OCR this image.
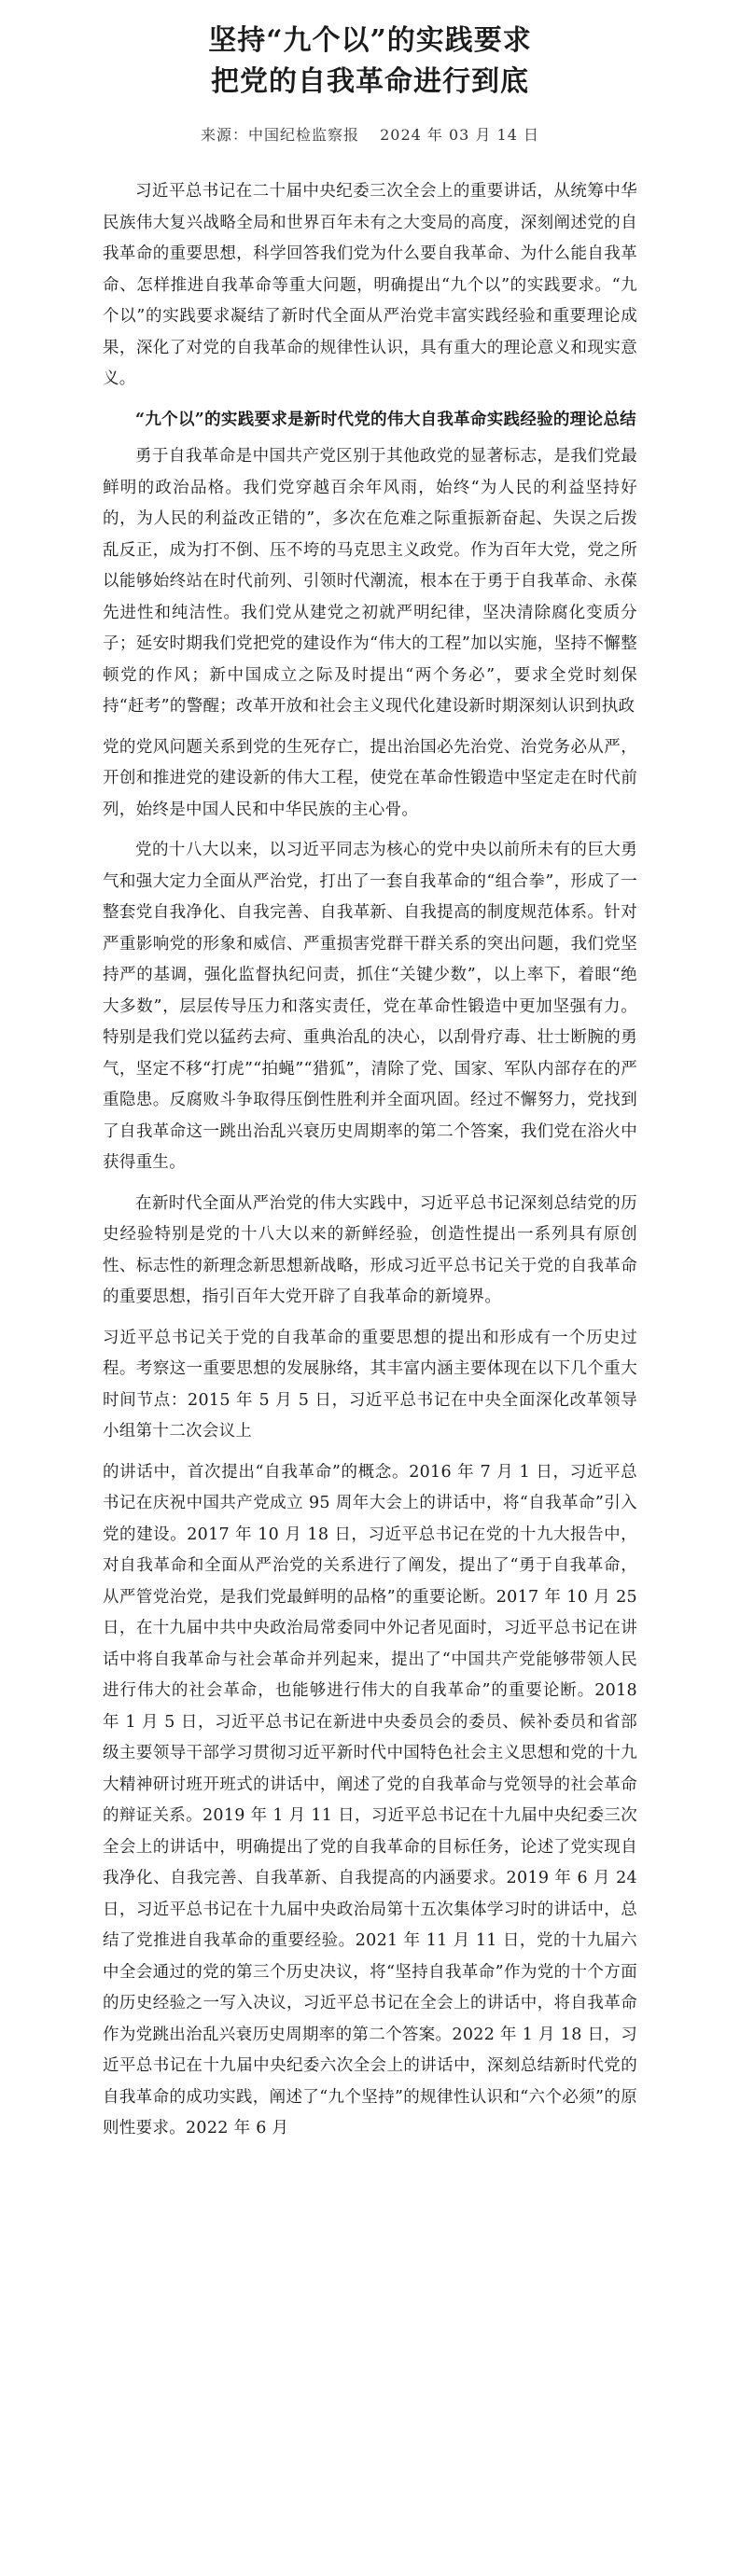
坚持“九个以”的实践要求
把党的自我革命进行到底
来源：中国纪检监察报 2024 年 03 月 14 日

习近平总书记在二十届中央纪委三次全会上的重要讲话，从统筹中华民族伟大复兴战略全局和世界百年未有之大变局的高度，深刻阐述党的自我革命的重要思想，科学回答我们党为什么要自我革命、为什么能自我革命、怎样推进自我革命等重大问题，明确提出“九个以”的实践要求。“九个以”的实践要求凝结了新时代全面从严治党丰富实践经验和重要理论成果，深化了对党的自我革命的规律性认识，具有重大的理论意义和现实意义。

“九个以”的实践要求是新时代党的伟大自我革命实践经验的理论总结

勇于自我革命是中国共产党区别于其他政党的显著标志，是我们党最鲜明的政治品格。我们党穿越百余年风雨，始终“为人民的利益坚持好的，为人民的利益改正错的”，多次在危难之际重振新奋起、失误之后拨乱反正，成为打不倒、压不垮的马克思主义政党。作为百年大党，党之所以能够始终站在时代前列、引领时代潮流，根本在于勇于自我革命、永葆先进性和纯洁性。我们党从建党之初就严明纪律，坚决清除腐化变质分子；延安时期我们党把党的建设作为“伟大的工程”加以实施，坚持不懈整顿党的作风；新中国成立之际及时提出“两个务必”，要求全党时刻保持“赶考”的警醒；改革开放和社会主义现代化建设新时期深刻认识到执政

党的党风问题关系到党的生死存亡，提出治国必先治党、治党务必从严，开创和推进党的建设新的伟大工程，使党在革命性锻造中坚定走在时代前列，始终是中国人民和中华民族的主心骨。

党的十八大以来，以习近平同志为核心的党中央以前所未有的巨大勇气和强大定力全面从严治党，打出了一套自我革命的“组合拳”，形成了一整套党自我净化、自我完善、自我革新、自我提高的制度规范体系。针对严重影响党的形象和威信、严重损害党群干群关系的突出问题，我们党坚持严的基调，强化监督执纪问责，抓住“关键少数”，以上率下，着眼“绝大多数”，层层传导压力和落实责任，党在革命性锻造中更加坚强有力。特别是我们党以猛药去疴、重典治乱的决心，以刮骨疗毒、壮士断腕的勇气，坚定不移“打虎”“拍蝇”“猎狐”，清除了党、国家、军队内部存在的严重隐患。反腐败斗争取得压倒性胜利并全面巩固。经过不懈努力，党找到了自我革命这一跳出治乱兴衰历史周期率的第二个答案，我们党在浴火中获得重生。

在新时代全面从严治党的伟大实践中，习近平总书记深刻总结党的历史经验特别是党的十八大以来的新鲜经验，创造性提出一系列具有原创性、标志性的新理念新思想新战略，形成习近平总书记关于党的自我革命的重要思想，指引百年大党开辟了自我革命的新境界。

习近平总书记关于党的自我革命的重要思想的提出和形成有一个历史过程。考察这一重要思想的发展脉络，其丰富内涵主要体现在以下几个重大时间节点：2015 年 5 月 5 日，习近平总书记在中央全面深化改革领导小组第十二次会议上

的讲话中，首次提出“自我革命”的概念。2016 年 7 月 1 日，习近平总书记在庆祝中国共产党成立 95 周年大会上的讲话中，将“自我革命”引入党的建设。2017 年 10 月 18 日，习近平总书记在党的十九大报告中，对自我革命和全面从严治党的关系进行了阐发，提出了“勇于自我革命，从严管党治党，是我们党最鲜明的品格”的重要论断。2017 年 10 月 25 日，在十九届中共中央政治局常委同中外记者见面时，习近平总书记在讲话中将自我革命与社会革命并列起来，提出了“中国共产党能够带领人民进行伟大的社会革命，也能够进行伟大的自我革命”的重要论断。2018 年 1 月 5 日，习近平总书记在新进中央委员会的委员、候补委员和省部级主要领导干部学习贯彻习近平新时代中国特色社会主义思想和党的十九大精神研讨班开班式的讲话中，阐述了党的自我革命与党领导的社会革命的辩证关系。2019 年 1 月 11 日，习近平总书记在十九届中央纪委三次全会上的讲话中，明确提出了党的自我革命的目标任务，论述了党实现自我净化、自我完善、自我革新、自我提高的内涵要求。2019 年 6 月 24 日，习近平总书记在十九届中央政治局第十五次集体学习时的讲话中，总结了党推进自我革命的重要经验。2021 年 11 月 11 日，党的十九届六中全会通过的党的第三个历史决议，将“坚持自我革命”作为党的十个方面的历史经验之一写入决议，习近平总书记在全会上的讲话中，将自我革命作为党跳出治乱兴衰历史周期率的第二个答案。2022 年 1 月 18 日，习近平总书记在十九届中央纪委六次全会上的讲话中，深刻总结新时代党的自我革命的成功实践，阐述了“九个坚持”的规律性认识和“六个必须”的原则性要求。2022 年 6 月
